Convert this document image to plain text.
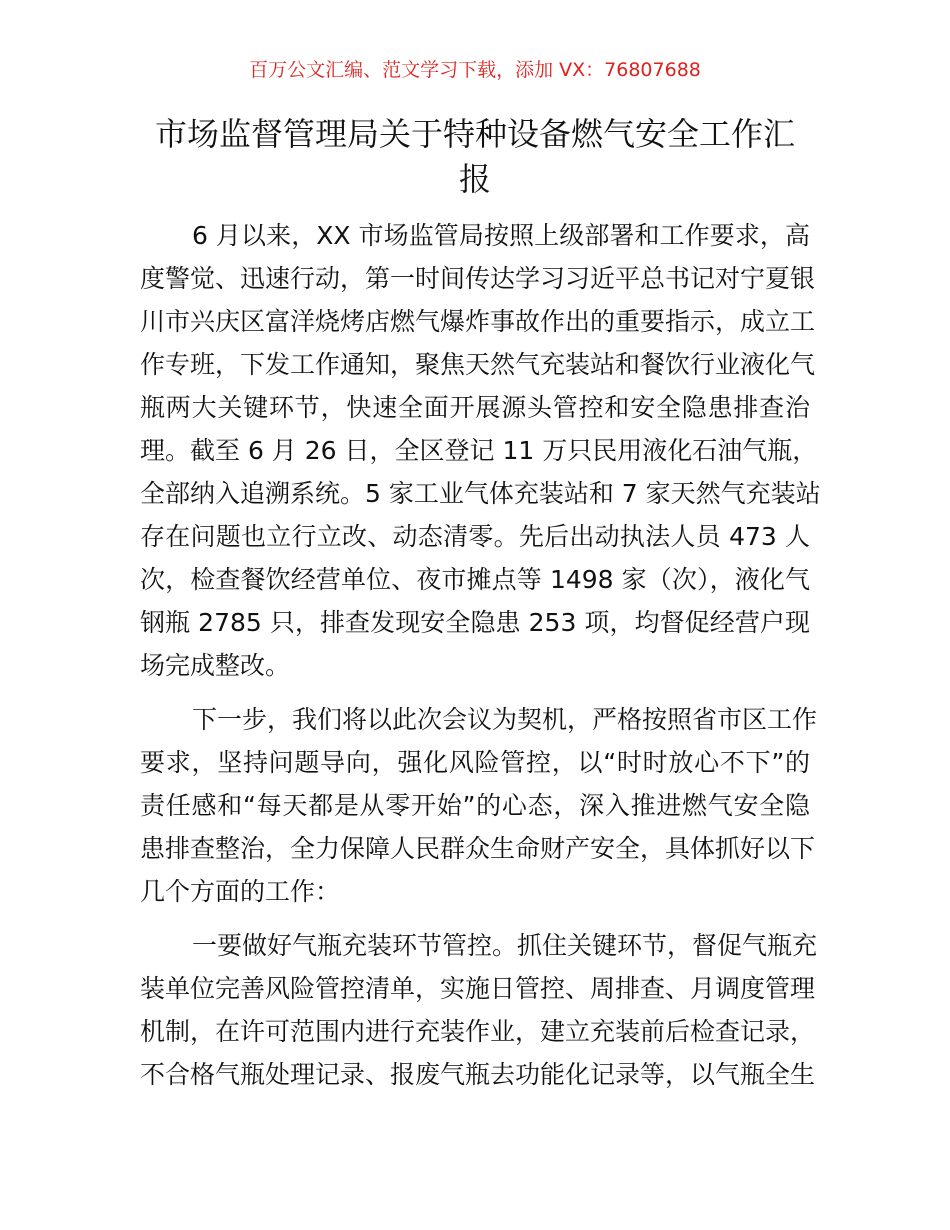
百万公文汇编、范文学习下载，添加 VX：76807688
市场监督管理局关于特种设备燃气安全工作汇
报
6 月以来，XX 市场监管局按照上级部署和工作要求，高
度警觉、迅速行动，第一时间传达学习习近平总书记对宁夏银
川市兴庆区富洋烧烤店燃气爆炸事故作出的重要指示，成立工
作专班，下发工作通知，聚焦天然气充装站和餐饮行业液化气
瓶两大关键环节，快速全面开展源头管控和安全隐患排查治
理。截至 6 月 26 日，全区登记 11 万只民用液化石油气瓶，
全部纳入追溯系统。5 家工业气体充装站和 7 家天然气充装站
存在问题也立行立改、动态清零。先后出动执法人员 473 人
次，检查餐饮经营单位、夜市摊点等 1498 家（次），液化气
钢瓶 2785 只，排查发现安全隐患 253 项，均督促经营户现
场完成整改。
下一步，我们将以此次会议为契机，严格按照省市区工作
要求，坚持问题导向，强化风险管控，以“时时放心不下”的
责任感和“每天都是从零开始”的心态，深入推进燃气安全隐
患排查整治，全力保障人民群众生命财产安全，具体抓好以下
几个方面的工作：
一要做好气瓶充装环节管控。抓住关键环节，督促气瓶充
装单位完善风险管控清单，实施日管控、周排查、月调度管理
机制，在许可范围内进行充装作业，建立充装前后检查记录，
不合格气瓶处理记录、报废气瓶去功能化记录等，以气瓶全生
